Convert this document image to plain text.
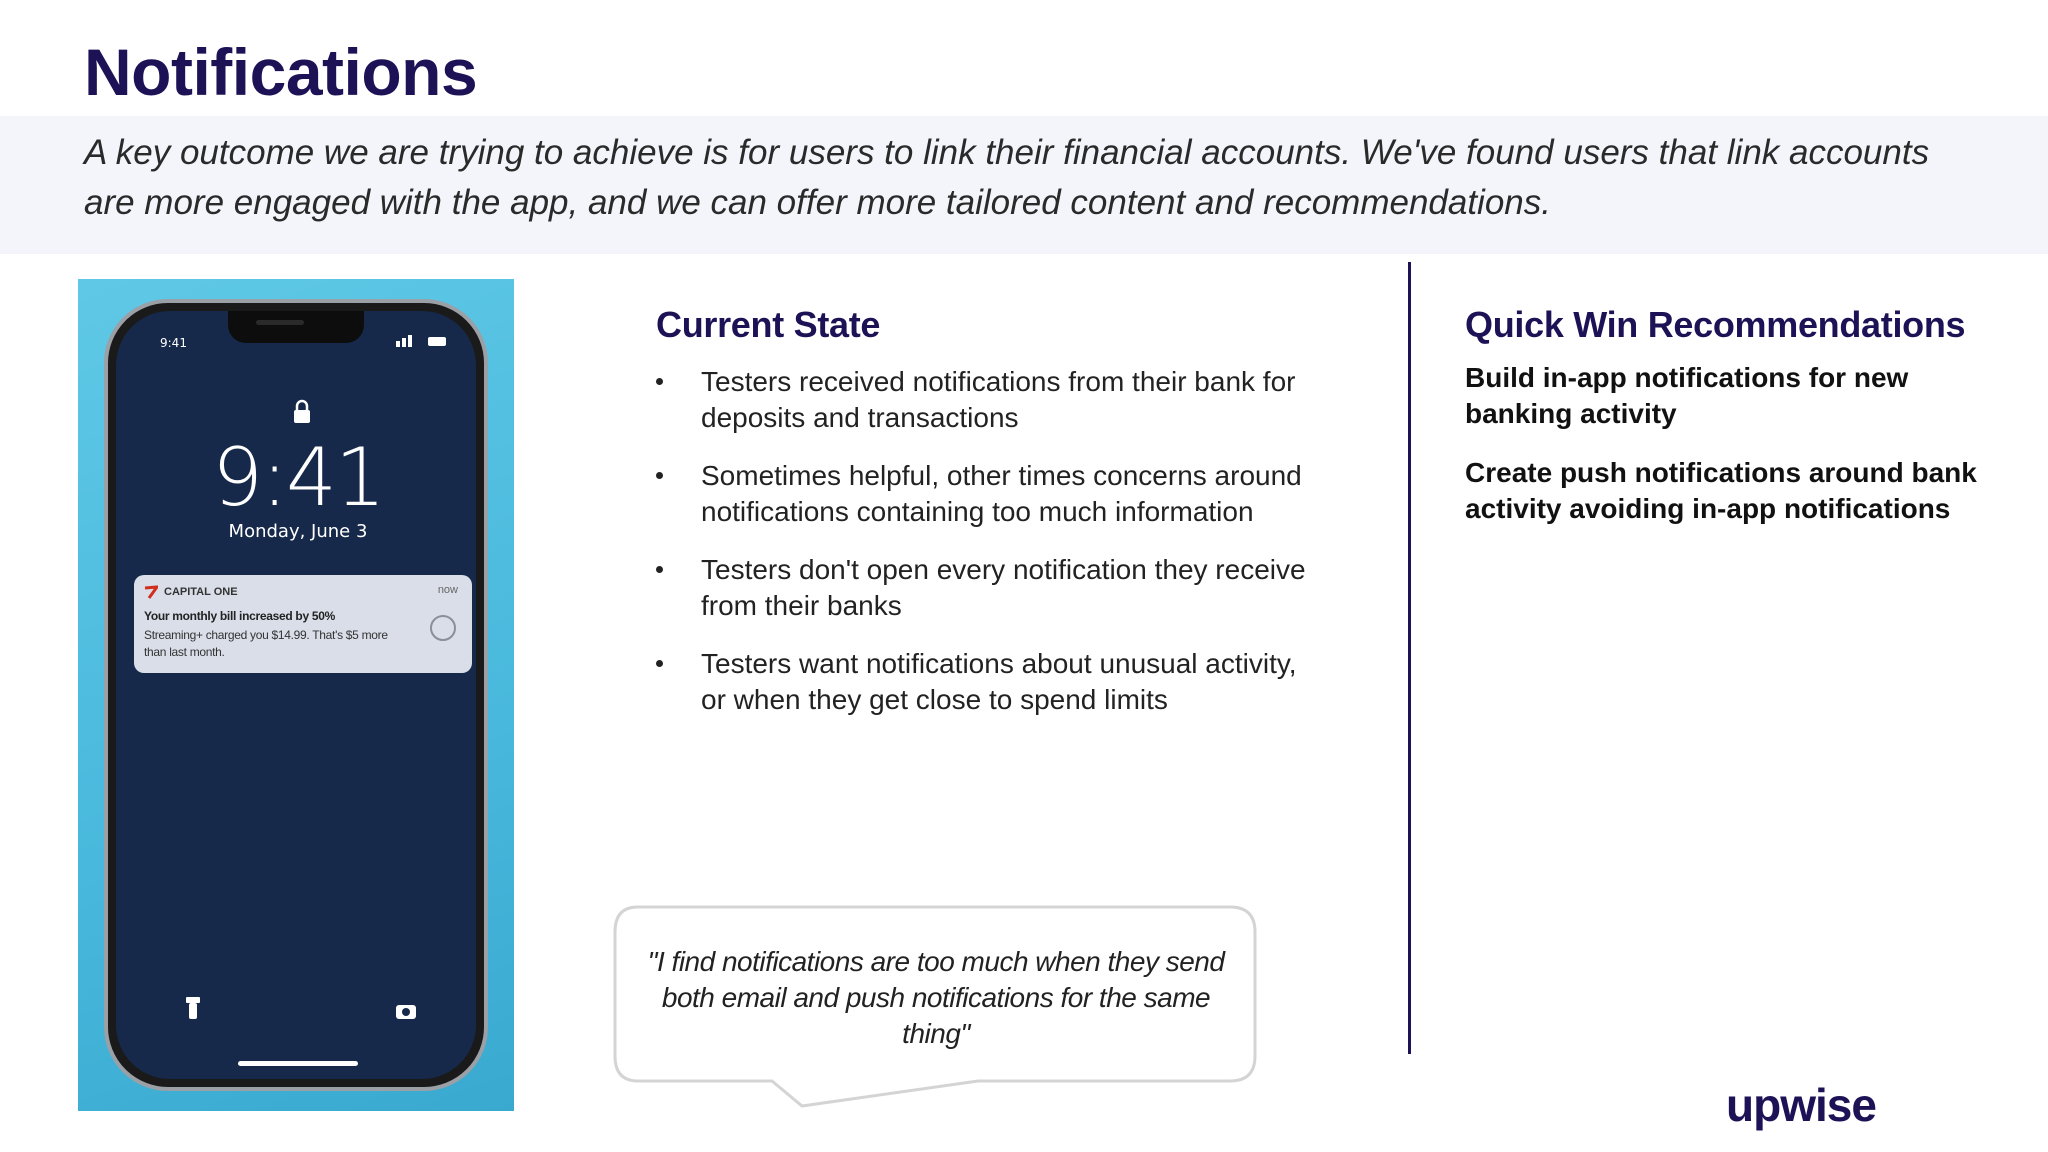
Notifications

A key outcome we are trying to achieve is for users to link their financial accounts. We've found users that link accounts are more engaged with the app, and we can offer more tailored content and recommendations.

9:41
9:41
Monday, June 3
CAPITAL ONE	now
Your monthly bill increased by 50%
Streaming+ charged you $14.99. That's $5 more than last month.
Current State
Testers received notifications from their bank for deposits and transactions
Sometimes helpful, other times concerns around notifications containing too much information
Testers don't open every notification they receive from their banks
Testers want notifications about unusual activity, or when they get close to spend limits

"I find notifications are too much when they send both email and push notifications for the same thing"

Quick Win Recommendations

Build in-app notifications for new banking activity

Create push notifications around bank activity avoiding in-app notifications

upwise
